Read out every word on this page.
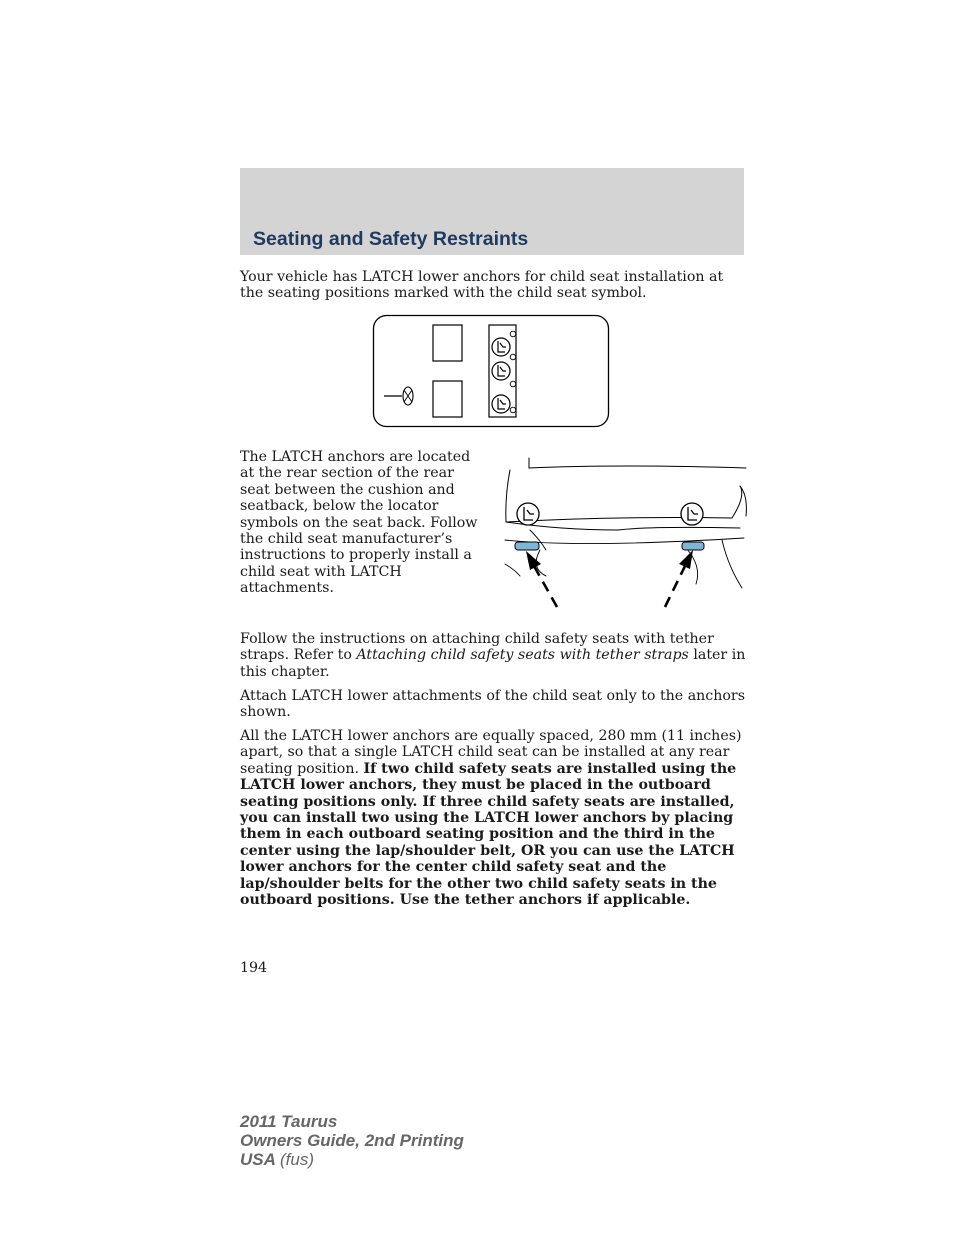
Seating and Safety Restraints

Your vehicle has LATCH lower anchors for child seat installation at the seating positions marked with the child seat symbol.

The LATCH anchors are located at the rear section of the rear seat between the cushion and seatback, below the locator symbols on the seat back. Follow the child seat manufacturer’s instructions to properly install a child seat with LATCH attachments.

Follow the instructions on attaching child safety seats with tether straps. Refer to Attaching child safety seats with tether straps later in this chapter.

Attach LATCH lower attachments of the child seat only to the anchors shown.

All the LATCH lower anchors are equally spaced, 280 mm (11 inches) apart, so that a single LATCH child seat can be installed at any rear seating position. If two child safety seats are installed using the LATCH lower anchors, they must be placed in the outboard seating positions only. If three child safety seats are installed, you can install two using the LATCH lower anchors by placing them in each outboard seating position and the third in the center using the lap/shoulder belt, OR you can use the LATCH lower anchors for the center child safety seat and the lap/shoulder belts for the other two child safety seats in the outboard positions. Use the tether anchors if applicable.

194

2011 Taurus
Owners Guide, 2nd Printing
USA (fus)
